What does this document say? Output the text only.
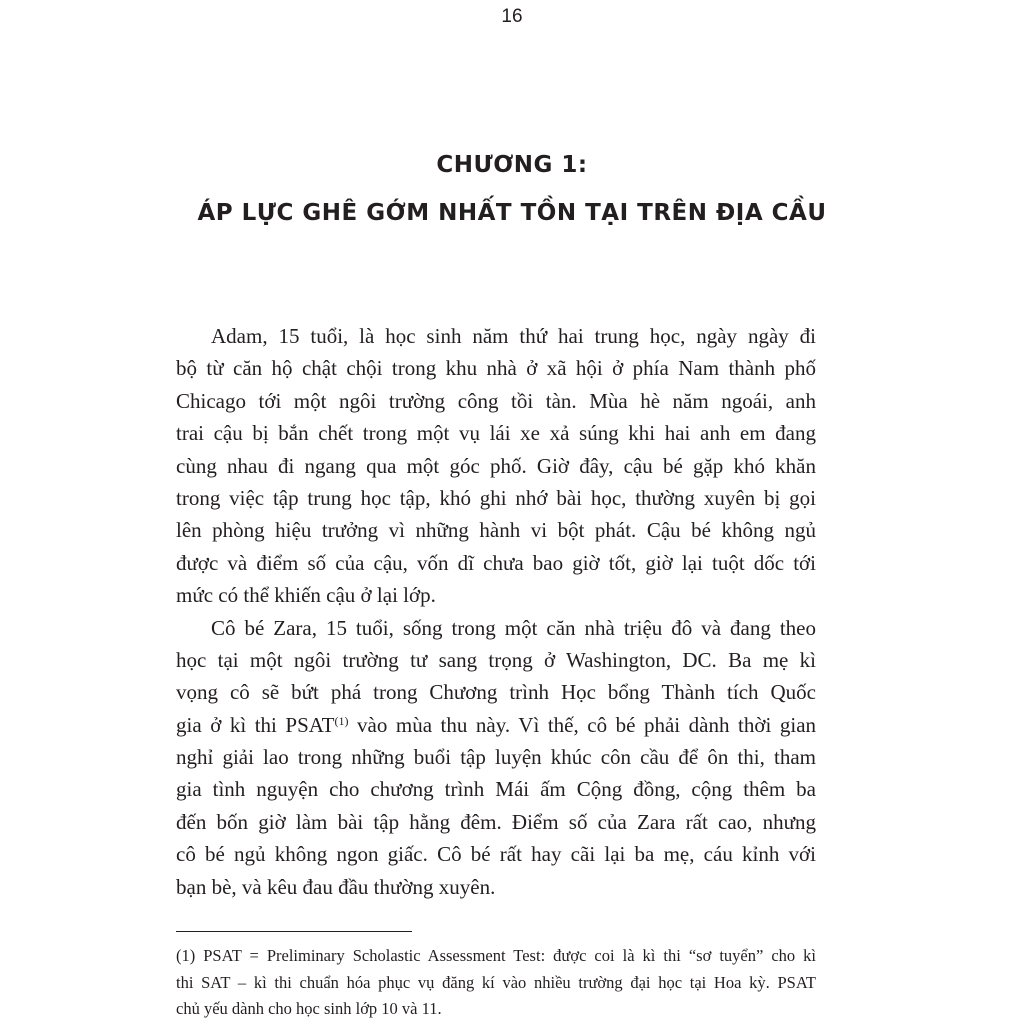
16
CHƯƠNG 1:
ÁP LỰC GHÊ GỚM NHẤT TỒN TẠI TRÊN ĐỊA CẦU

Adam, 15 tuổi, là học sinh năm thứ hai trung học, ngày ngày đi
bộ từ căn hộ chật chội trong khu nhà ở xã hội ở phía Nam thành phố
Chicago tới một ngôi trường công tồi tàn. Mùa hè năm ngoái, anh
trai cậu bị bắn chết trong một vụ lái xe xả súng khi hai anh em đang
cùng nhau đi ngang qua một góc phố. Giờ đây, cậu bé gặp khó khăn
trong việc tập trung học tập, khó ghi nhớ bài học, thường xuyên bị gọi
lên phòng hiệu trưởng vì những hành vi bột phát. Cậu bé không ngủ
được và điểm số của cậu, vốn dĩ chưa bao giờ tốt, giờ lại tuột dốc tới
mức có thể khiến cậu ở lại lớp.

Cô bé Zara, 15 tuổi, sống trong một căn nhà triệu đô và đang theo
học tại một ngôi trường tư sang trọng ở Washington, DC. Ba mẹ kì
vọng cô sẽ bứt phá trong Chương trình Học bổng Thành tích Quốc
gia ở kì thi PSAT$^{(1)}$ vào mùa thu này. Vì thế, cô bé phải dành thời gian
nghỉ giải lao trong những buổi tập luyện khúc côn cầu để ôn thi, tham
gia tình nguyện cho chương trình Mái ấm Cộng đồng, cộng thêm ba
đến bốn giờ làm bài tập hằng đêm. Điểm số của Zara rất cao, nhưng
cô bé ngủ không ngon giấc. Cô bé rất hay cãi lại ba mẹ, cáu kỉnh với
bạn bè, và kêu đau đầu thường xuyên.

(1) PSAT = Preliminary Scholastic Assessment Test: được coi là kì thi “sơ tuyển” cho kì
thi SAT – kì thi chuẩn hóa phục vụ đăng kí vào nhiều trường đại học tại Hoa kỳ. PSAT
chủ yếu dành cho học sinh lớp 10 và 11.
